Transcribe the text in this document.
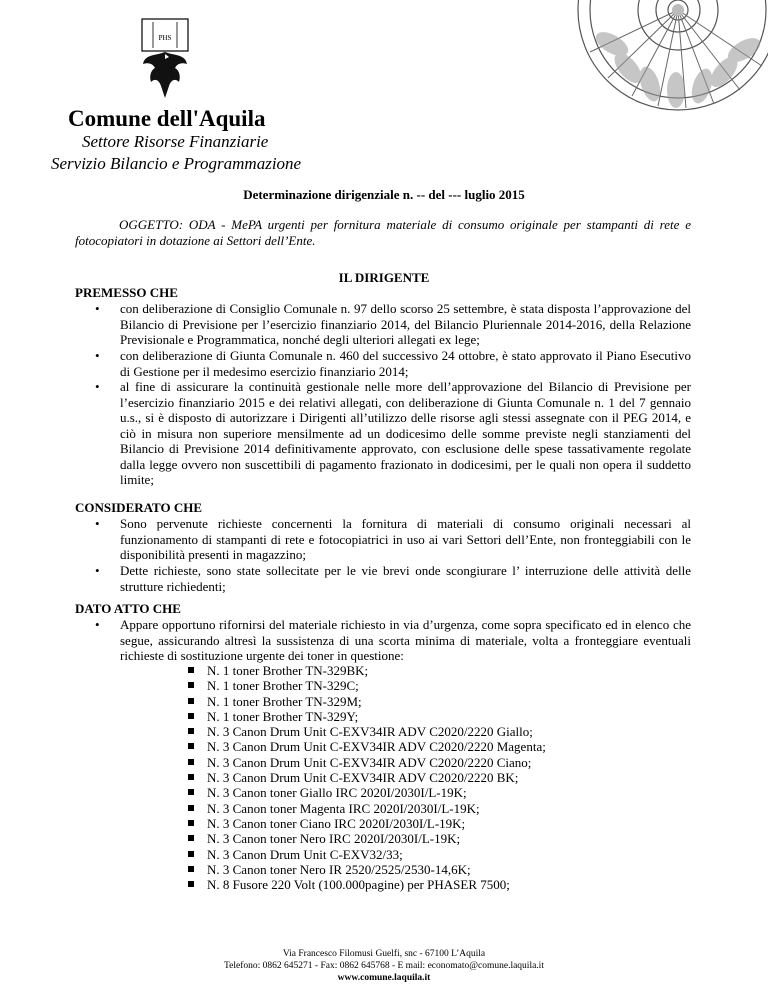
PHS
Comune dell'Aquila
Settore Risorse Finanziarie
Servizio Bilancio e Programmazione
Determinazione dirigenziale n. -- del --- luglio 2015
OGGETTO: ODA - MePA urgenti per fornitura materiale di consumo originale per stampanti di rete e fotocopiatori in dotazione ai Settori dell’Ente.
IL DIRIGENTE
PREMESSO CHE
•	con deliberazione di Consiglio Comunale n. 97 dello scorso 25 settembre, è stata disposta l’approvazione del Bilancio di Previsione per l’esercizio finanziario 2014, del Bilancio Pluriennale 2014-2016, della Relazione Previsionale e Programmatica, nonché degli ulteriori allegati ex lege;
•	con deliberazione di Giunta Comunale n. 460 del successivo 24 ottobre, è stato approvato il Piano Esecutivo di Gestione per il medesimo esercizio finanziario 2014;
•	al fine di assicurare la continuità gestionale nelle more dell’approvazione del Bilancio di Previsione per l’esercizio finanziario 2015 e dei relativi allegati, con deliberazione di Giunta Comunale n. 1 del 7 gennaio u.s., si è disposto di autorizzare i Dirigenti all’utilizzo delle risorse agli stessi assegnate con il PEG 2014, e ciò in misura non superiore mensilmente ad un dodicesimo delle somme previste negli stanziamenti del Bilancio di Previsione 2014 definitivamente approvato, con esclusione delle spese tassativamente regolate dalla legge ovvero non suscettibili di pagamento frazionato in dodicesimi, per le quali non opera il suddetto limite;
CONSIDERATO CHE
•	Sono pervenute richieste concernenti la fornitura di materiali di consumo originali necessari al funzionamento di stampanti di rete e fotocopiatrici in uso ai vari Settori dell’Ente, non fronteggiabili con le disponibilità presenti in magazzino;
•	Dette richieste, sono state sollecitate per le vie brevi onde scongiurare l’ interruzione delle attività delle strutture richiedenti;
DATO ATTO CHE
•	Appare opportuno rifornirsi del materiale richiesto in via d’urgenza, come sopra specificato ed in elenco che segue, assicurando altresì la sussistenza di una scorta minima di materiale, volta a fronteggiare eventuali richieste di sostituzione urgente dei toner in questione:
N. 1 toner Brother TN-329BK;
N. 1 toner Brother TN-329C;
N. 1 toner Brother TN-329M;
N. 1 toner Brother TN-329Y;
N. 3 Canon Drum Unit C-EXV34IR ADV C2020/2220 Giallo;
N. 3 Canon Drum Unit C-EXV34IR ADV C2020/2220 Magenta;
N. 3 Canon Drum Unit C-EXV34IR ADV C2020/2220 Ciano;
N. 3 Canon Drum Unit C-EXV34IR ADV C2020/2220 BK;
N. 3 Canon toner Giallo IRC 2020I/2030I/L-19K;
N. 3 Canon toner Magenta IRC 2020I/2030I/L-19K;
N. 3 Canon toner Ciano IRC 2020I/2030I/L-19K;
N. 3 Canon toner Nero IRC 2020I/2030I/L-19K;
N. 3 Canon Drum Unit C-EXV32/33;
N. 3 Canon toner Nero IR 2520/2525/2530-14,6K;
N. 8 Fusore 220 Volt (100.000pagine) per PHASER 7500;
Via Francesco Filomusi Guelfi, snc - 67100 L’Aquila
Telefono: 0862 645271 - Fax: 0862 645768 - E mail: economato@comune.laquila.it
www.comune.laquila.it
